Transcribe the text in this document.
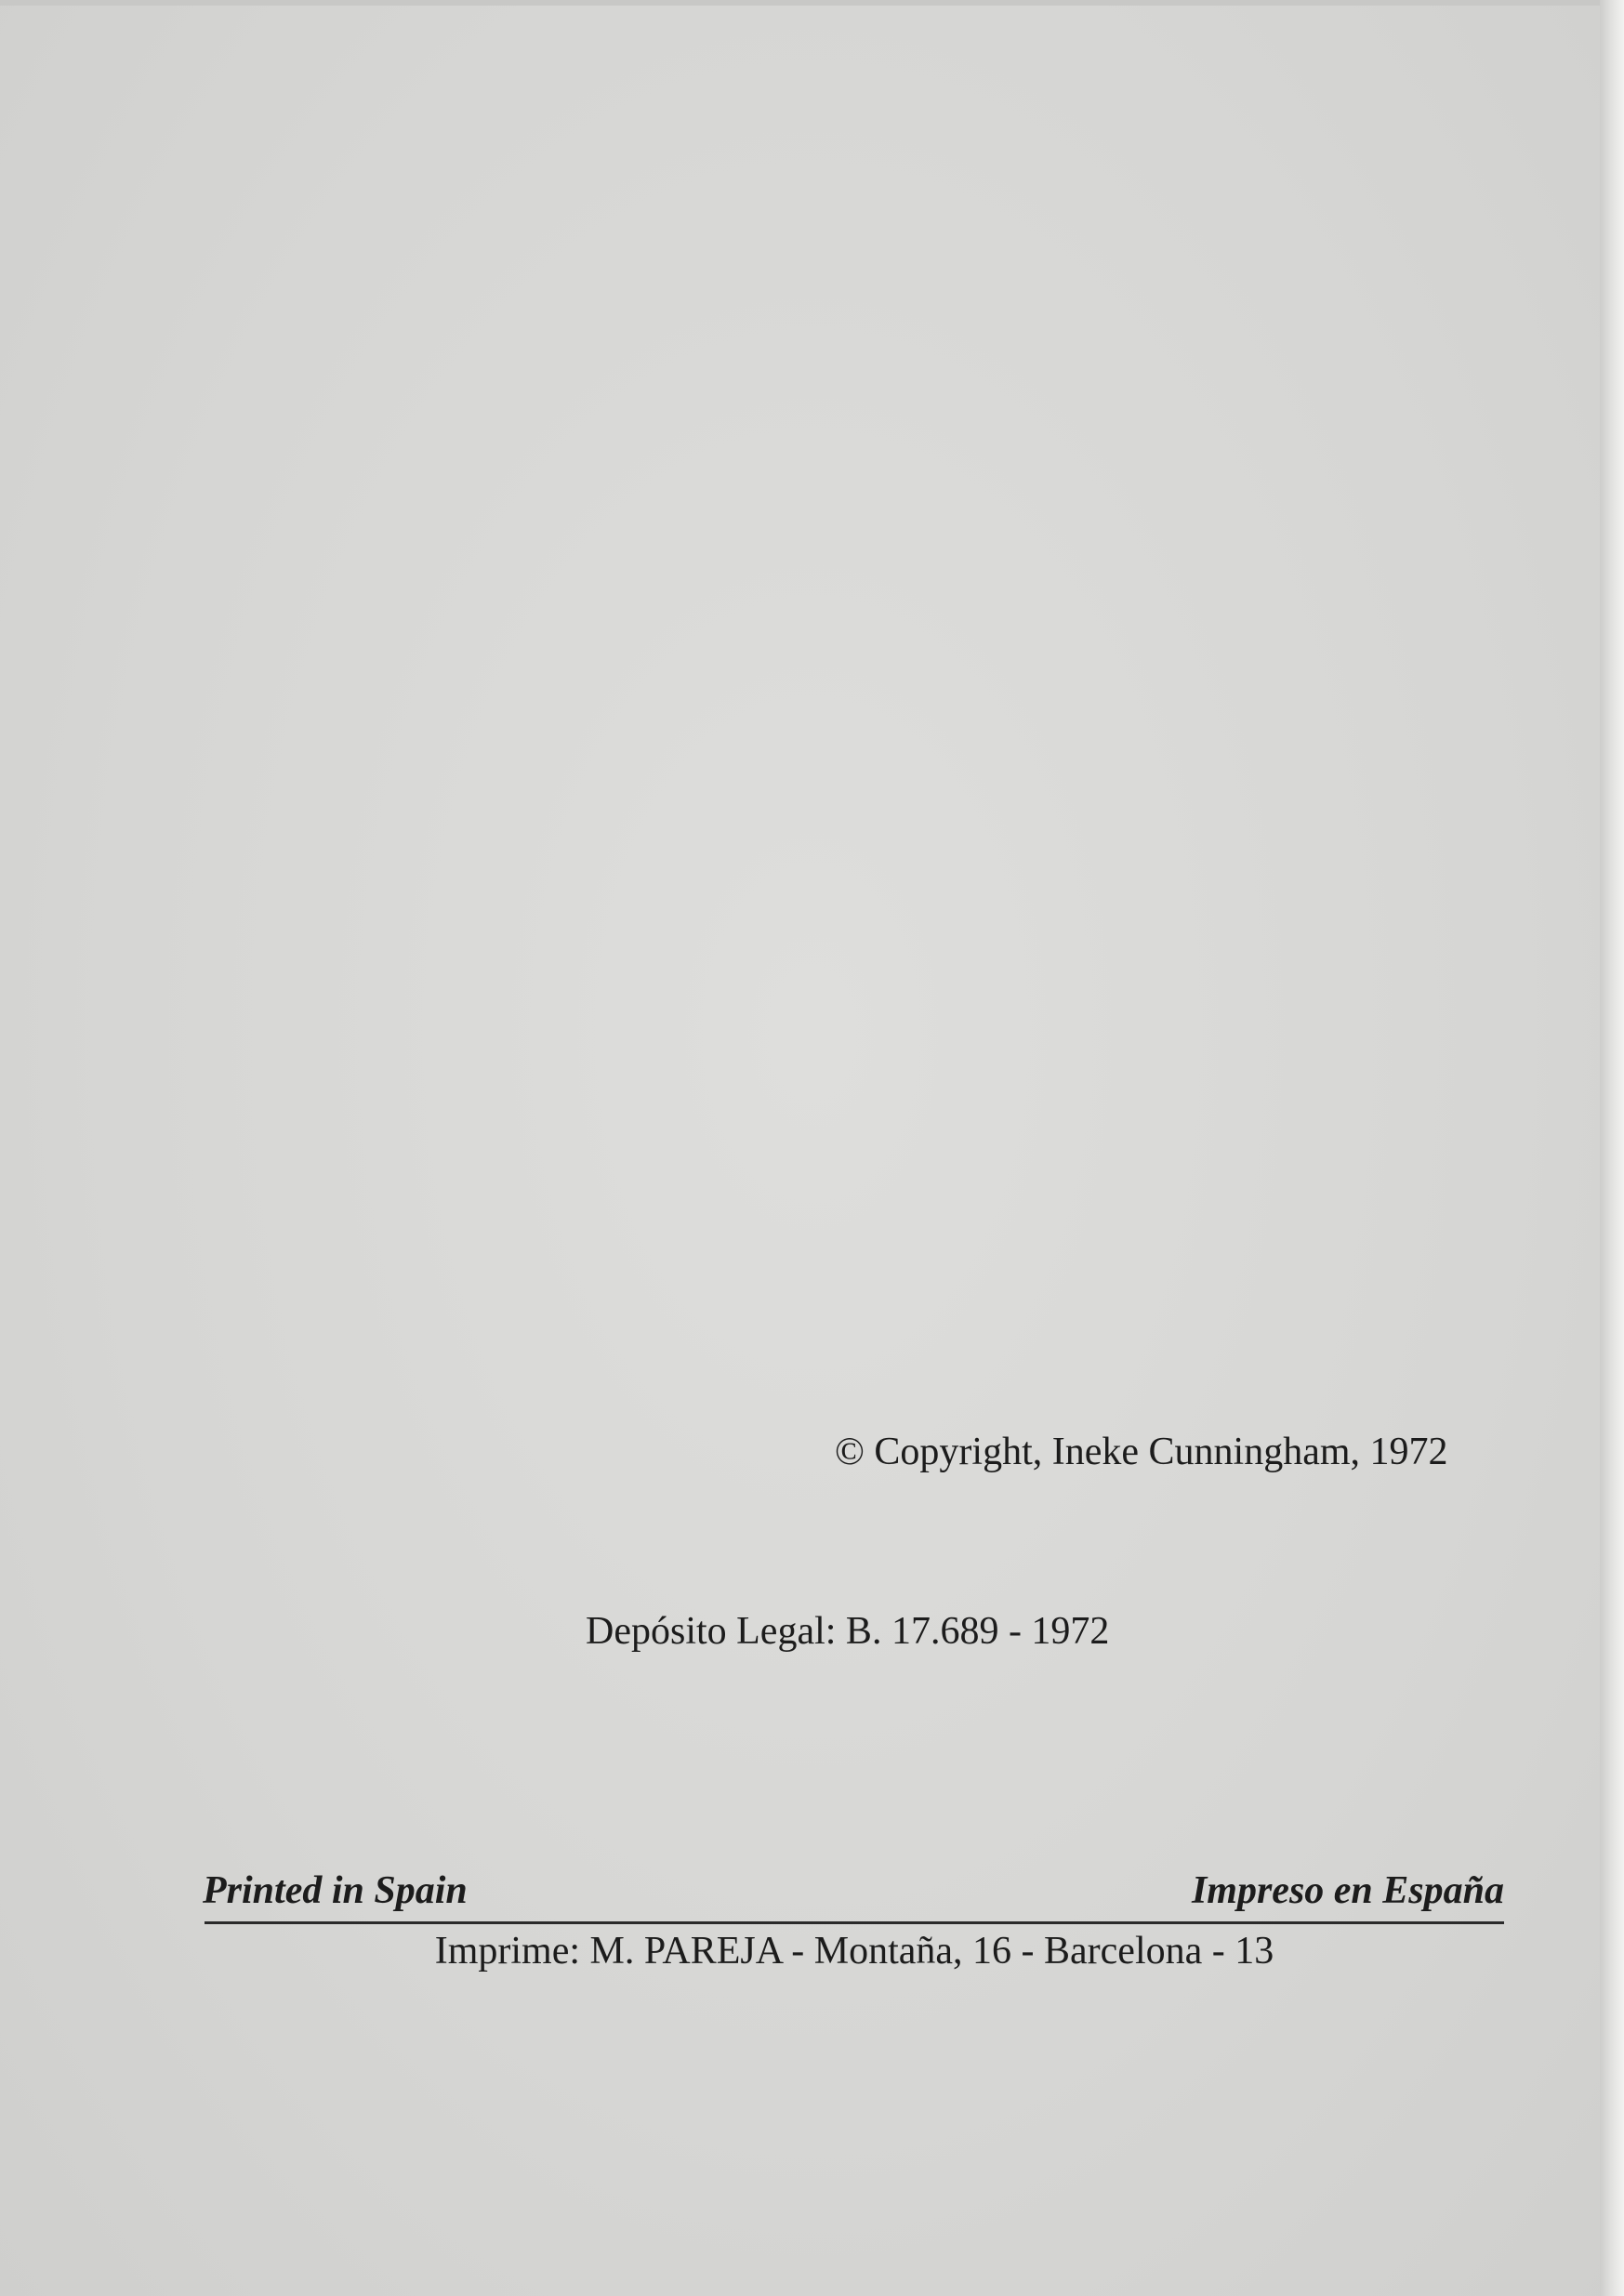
© Copyright, Ineke Cunningham, 1972
Depósito Legal: B. 17.689 - 1972
Printed in Spain	Impreso en España
Imprime: M. PAREJA - Montaña, 16 - Barcelona - 13
